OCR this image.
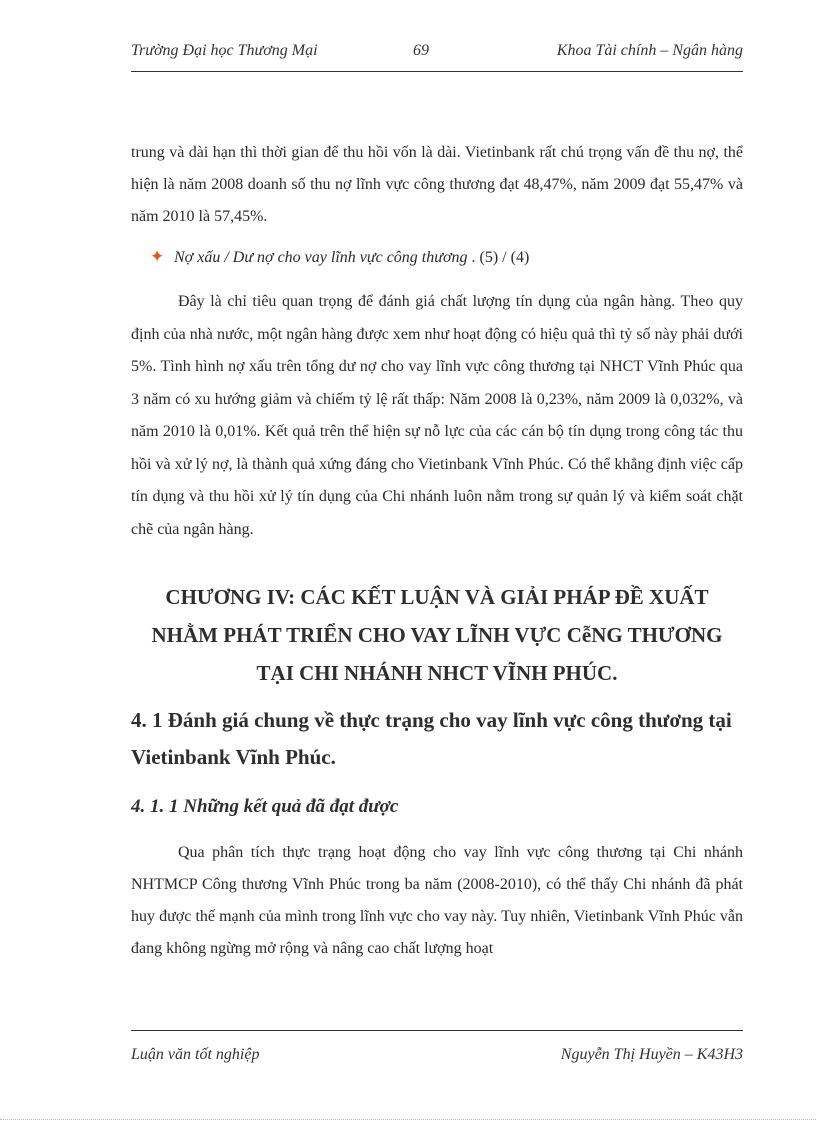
Trường Đại học Thương Mại	69	Khoa Tài chính – Ngân hàng
trung và dài hạn thì thời gian để thu hồi vốn là dài. Vietinbank rất chú trọng vấn đề thu nợ, thể hiện là năm 2008 doanh số thu nợ lĩnh vực công thương đạt 48,47%, năm 2009 đạt 55,47% và năm 2010 là 57,45%.
✦ Nợ xấu / Dư nợ cho vay lĩnh vực công thương . (5) / (4)
Đây là chỉ tiêu quan trọng để đánh giá chất lượng tín dụng của ngân hàng. Theo quy định của nhà nước, một ngân hàng được xem như hoạt động có hiệu quả thì tỷ số này phải dưới 5%. Tình hình nợ xấu trên tổng dư nợ cho vay lĩnh vực công thương tại NHCT Vĩnh Phúc qua 3 năm có xu hướng giảm và chiếm tỷ lệ rất thấp: Năm 2008 là 0,23%, năm 2009 là 0,032%, và năm 2010 là 0,01%. Kết quả trên thể hiện sự nỗ lực của các cán bộ tín dụng trong công tác thu hồi và xử lý nợ, là thành quả xứng đáng cho Vietinbank Vĩnh Phúc. Có thể khẳng định việc cấp tín dụng và thu hồi xử lý tín dụng của Chi nhánh luôn nằm trong sự quản lý và kiểm soát chặt chẽ của ngân hàng.
CHƯƠNG IV: CÁC KẾT LUẬN VÀ GIẢI PHÁP ĐỀ XUẤT
NHẰM PHÁT TRIỂN CHO VAY LĨNH VỰC CễNG THƯƠNG
TẠI CHI NHÁNH NHCT VĨNH PHÚC.
4. 1 Đánh giá chung về thực trạng cho vay lĩnh vực công thương tại Vietinbank Vĩnh Phúc.
4. 1. 1 Những kết quả đã đạt được
Qua phân tích thực trạng hoạt động cho vay lĩnh vực công thương tại Chi nhánh NHTMCP Công thương Vĩnh Phúc trong ba năm (2008-2010), có thể thấy Chi nhánh đã phát huy được thế mạnh của mình trong lĩnh vực cho vay này. Tuy nhiên, Vietinbank Vĩnh Phúc vẫn đang không ngừng mở rộng và nâng cao chất lượng hoạt
Luận văn tốt nghiệp	Nguyễn Thị Huyền – K43H3
